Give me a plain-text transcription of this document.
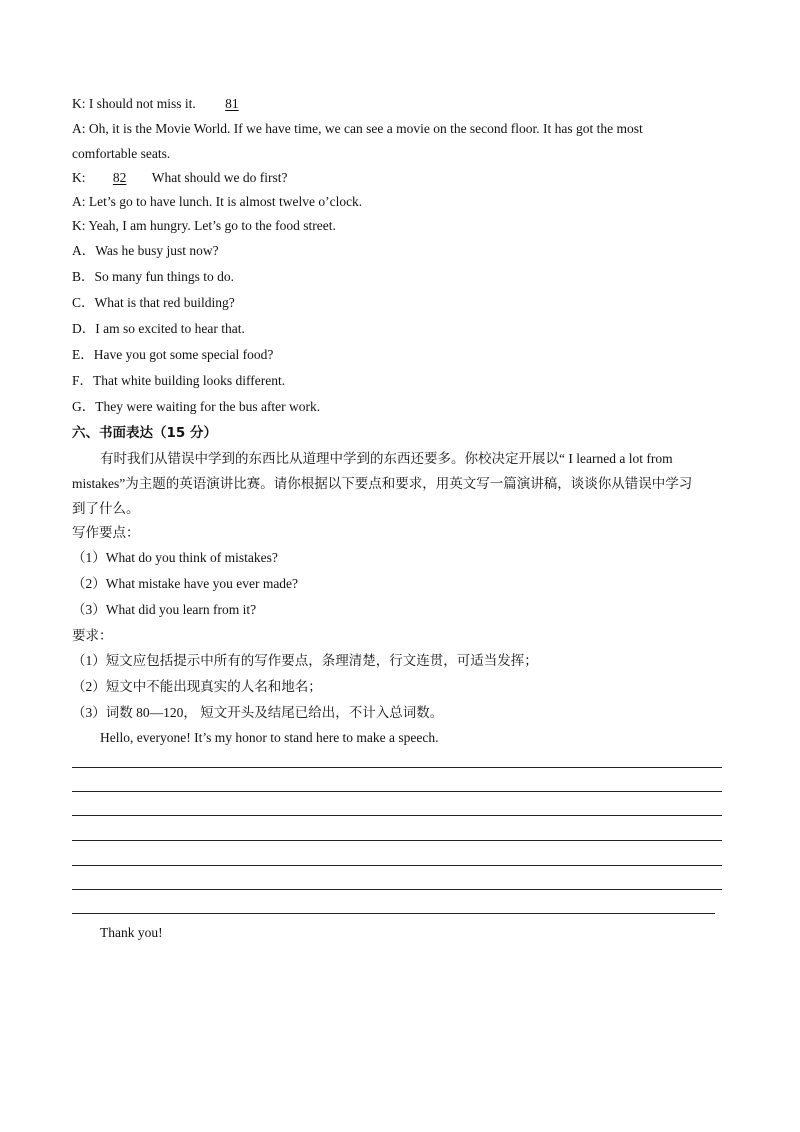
K: I should not miss it. 81
A: Oh, it is the Movie World. If we have time, we can see a movie on the second floor. It has got the most
comfortable seats.
K: 82 What should we do first?
A: Let’s go to have lunch. It is almost twelve o’clock.
K: Yeah, I am hungry. Let’s go to the food street.
A．Was he busy just now?
B．So many fun things to do.
C．What is that red building?
D．I am so excited to hear that.
E．Have you got some special food?
F．That white building looks different.
G．They were waiting for the bus after work.
六、书面表达（15 分）
有时我们从错误中学到的东西比从道理中学到的东西还要多。你校决定开展以“ I learned a lot from
mistakes”为主题的英语演讲比赛。请你根据以下要点和要求，用英文写一篇演讲稿，谈谈你从错误中学习
到了什么。
写作要点：
（1）What do you think of mistakes?
（2）What mistake have you ever made?
（3）What did you learn from it?
要求：
（1）短文应包括提示中所有的写作要点，条理清楚，行文连贯，可适当发挥；
（2）短文中不能出现真实的人名和地名；
（3）词数 80—120， 短文开头及结尾已给出，不计入总词数。
Hello, everyone! It’s my honor to stand here to make a speech.
Thank you!
